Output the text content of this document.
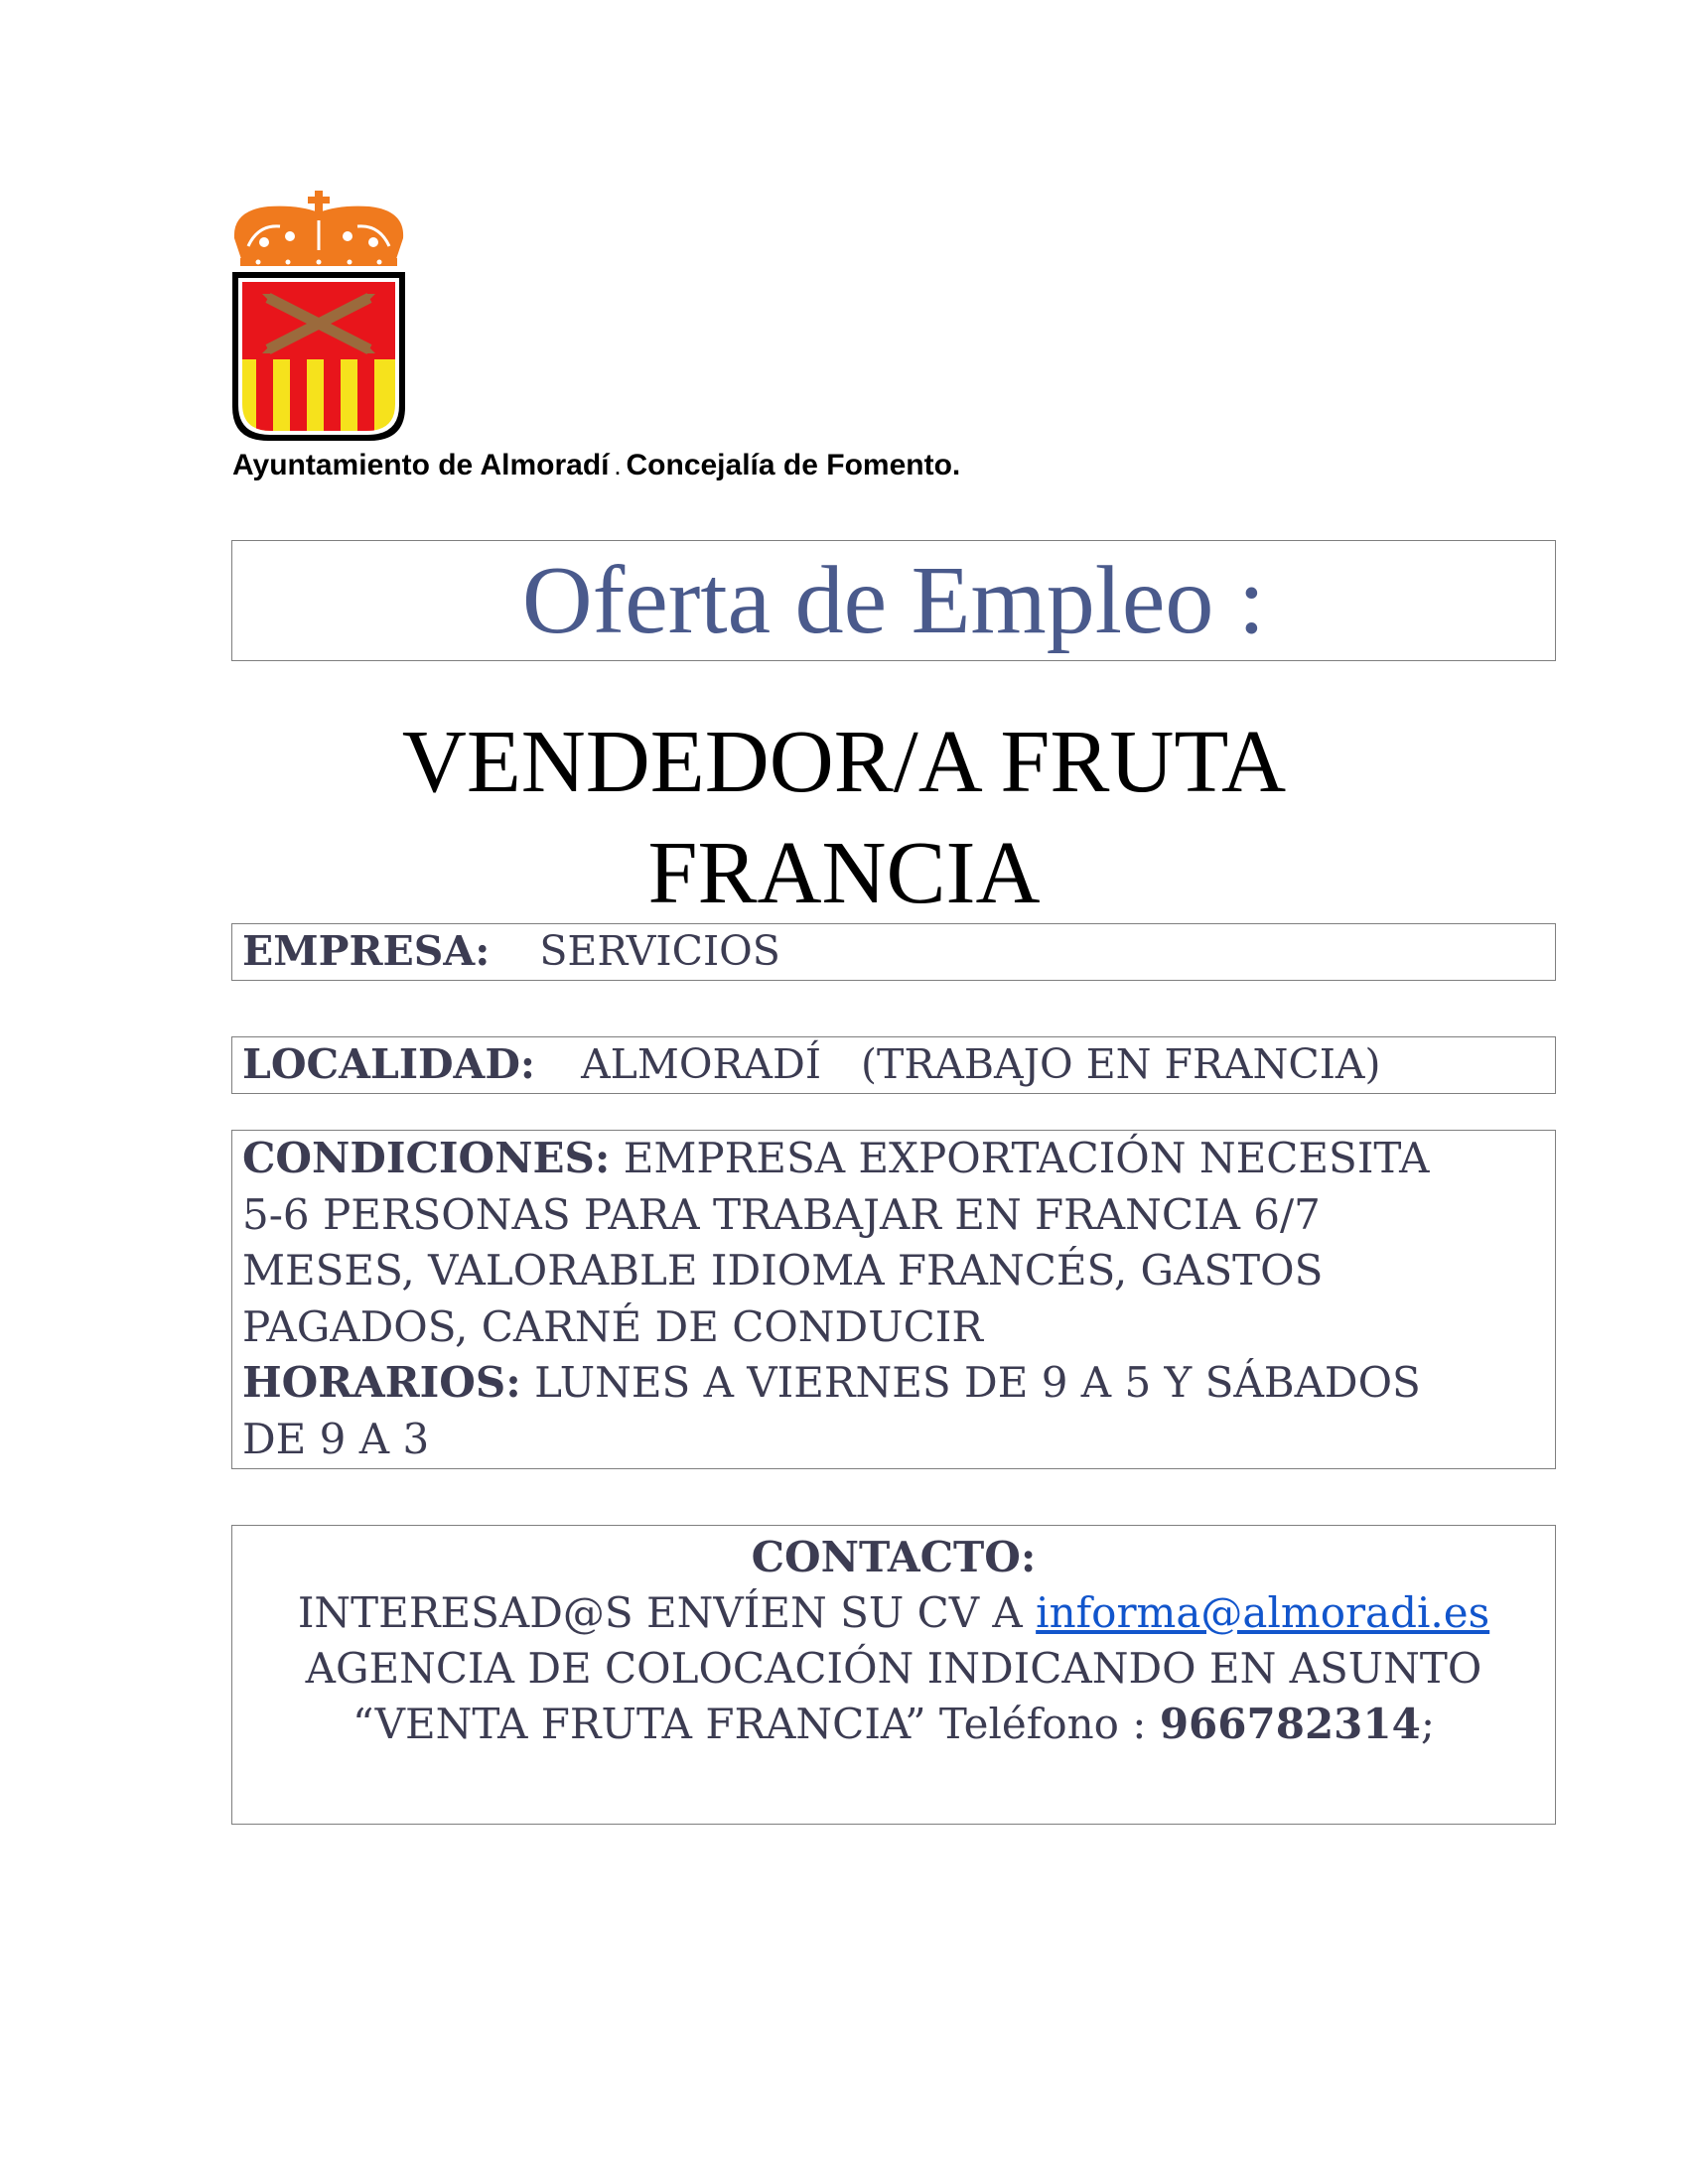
Ayuntamiento de Almoradí . Concejalía de Fomento.

Oferta de Empleo :

VENDEDOR/A FRUTA
FRANCIA
EMPRESA: SERVICIOS
LOCALIDAD: ALMORADÍ (TRABAJO EN FRANCIA)

CONDICIONES: EMPRESA EXPORTACIÓN NECESITA

5-6 PERSONAS PARA TRABAJAR EN FRANCIA 6/7

MESES, VALORABLE IDIOMA FRANCÉS, GASTOS

PAGADOS, CARNÉ DE CONDUCIR

HORARIOS: LUNES A VIERNES DE 9 A 5 Y SÁBADOS

DE 9 A 3

CONTACTO:

INTERESAD@S ENVÍEN SU CV A informa@almoradi.es

AGENCIA DE COLOCACIÓN INDICANDO EN ASUNTO

“VENTA FRUTA FRANCIA” Teléfono : 966782314;
